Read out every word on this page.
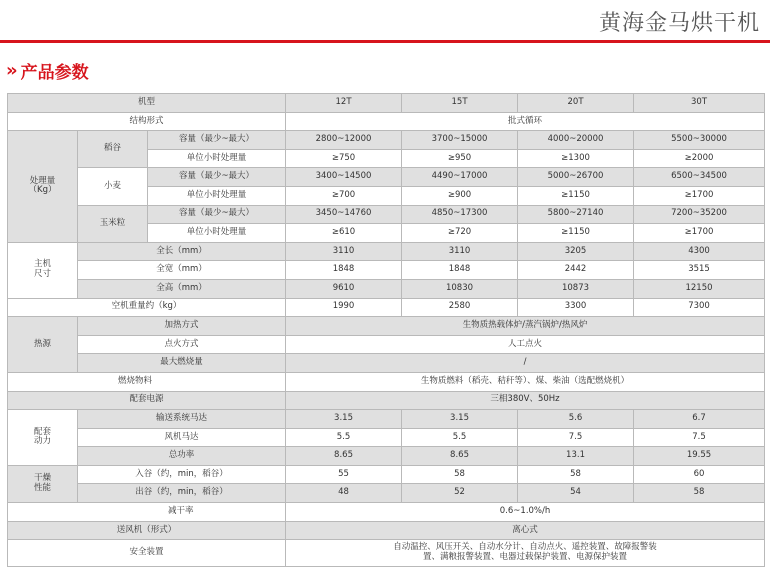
黄海金马烘干机
» 产品参数
机型			12T	15T	20T	30T
结构形式			批式循环			
处理量
（Kg）	稻谷	容量（最少~最大）	2800~12000	3700~15000	4000~20000	5500~30000
		单位小时处理量	≥750	≥950	≥1300	≥2000
	小麦	容量（最少~最大）	3400~14500	4490~17000	5000~26700	6500~34500
		单位小时处理量	≥700	≥900	≥1150	≥1700
	玉米粒	容量（最少~最大）	3450~14760	4850~17300	5800~27140	7200~35200
		单位小时处理量	≥610	≥720	≥1150	≥1700
主机
尺寸	全长（mm）		3110	3110	3205	4300
	全宽（mm）		1848	1848	2442	3515
	全高（mm）		9610	10830	10873	12150
空机重量约（kg）			1990	2580	3300	7300
热源	加热方式		生物质热载体炉/蒸汽锅炉/热风炉			
	点火方式		人工点火			
	最大燃烧量		/			
燃烧物料			生物质燃料（稻壳、秸秆等）、煤、柴油（选配燃烧机）			
配套电源			三相380V、50Hz			
配套
动力	输送系统马达		3.15	3.15	5.6	6.7
	风机马达		5.5	5.5	7.5	7.5
	总功率		8.65	8.65	13.1	19.55
干燥
性能	入谷（约，min，稻谷）		55	58	58	60
	出谷（约，min，稻谷）		48	52	54	58
减干率			0.6~1.0%/h			
送风机（形式）			离心式			
安全装置			自动温控、风压开关、自动水分计、自动点火、遥控装置、故障报警装置、满粮报警装置、电器过载保护装置、电源保护装置			
